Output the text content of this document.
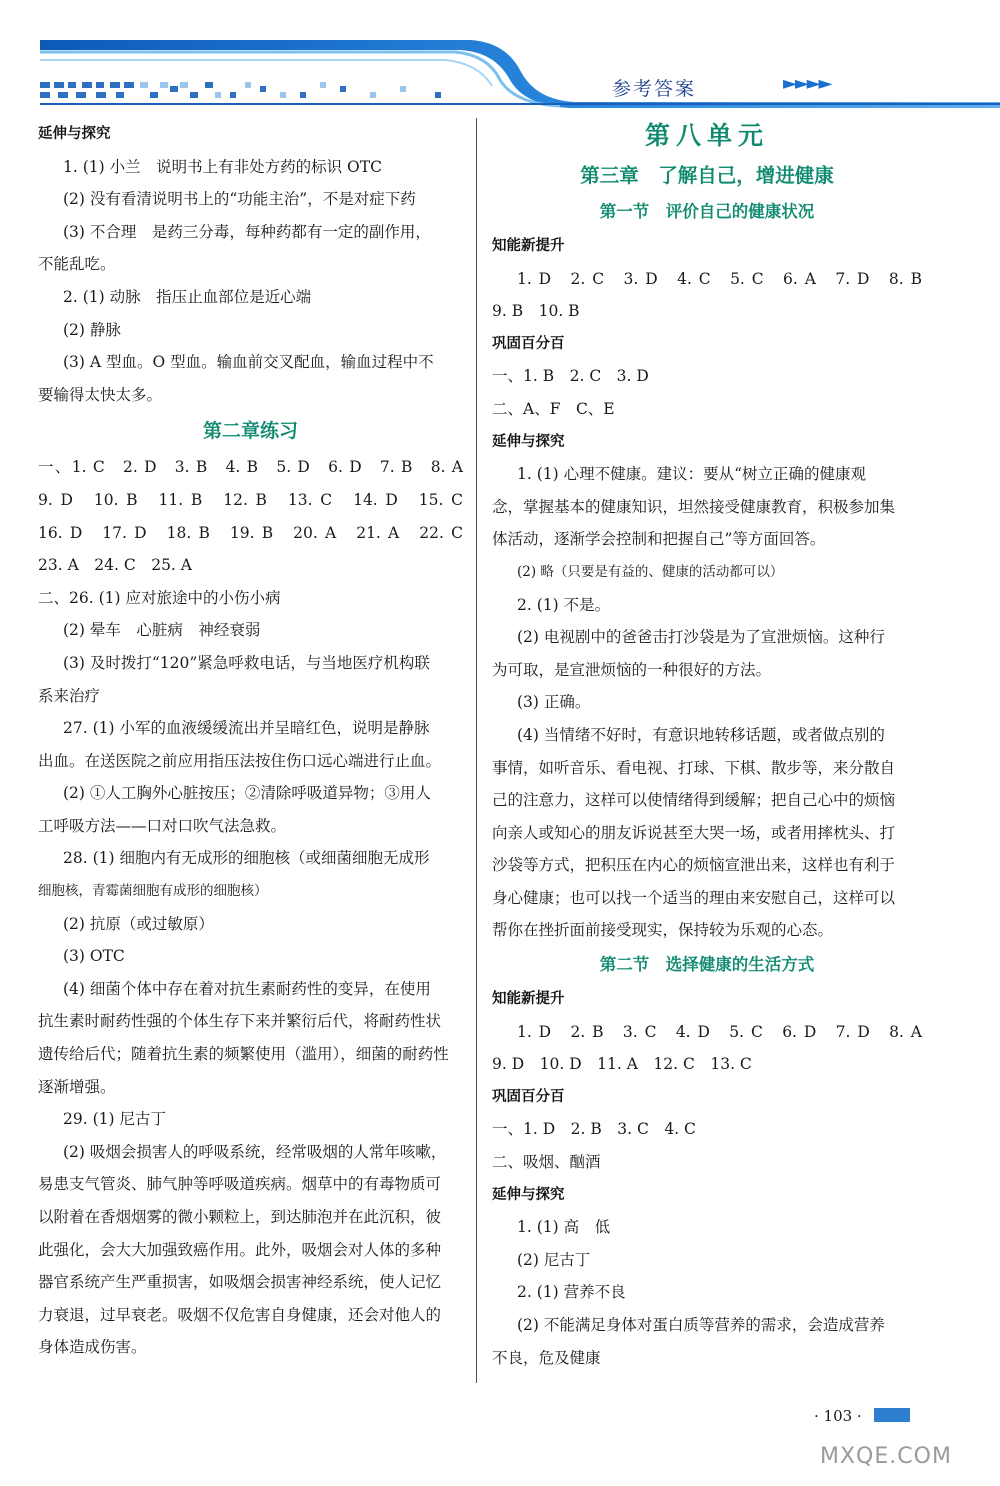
参考答案	►►►►
延伸与探究
1. (1) 小兰　说明书上有非处方药的标识 OTC
(2) 没有看清说明书上的“功能主治”，不是对症下药
(3) 不合理　是药三分毒，每种药都有一定的副作用，
不能乱吃。
2. (1) 动脉　指压止血部位是近心端
(2) 静脉
(3) A 型血。O 型血。输血前交叉配血，输血过程中不
要输得太快太多。
第二章练习
一、1. C　2. D　3. B　4. B　5. D　6. D　7. B　8. A
9. D　10. B　11. B　12. B　13. C　14. D　15. C
16. D　17. D　18. B　19. B　20. A　21. A　22. C
23. A　24. C　25. A
二、26. (1) 应对旅途中的小伤小病
(2) 晕车　心脏病　神经衰弱
(3) 及时拨打“120”紧急呼救电话，与当地医疗机构联
系来治疗
27. (1) 小军的血液缓缓流出并呈暗红色，说明是静脉
出血。在送医院之前应用指压法按住伤口远心端进行止血。
(2) ①人工胸外心脏按压；②清除呼吸道异物；③用人
工呼吸方法——口对口吹气法急救。
28. (1) 细胞内有无成形的细胞核（或细菌细胞无成形
细胞核，青霉菌细胞有成形的细胞核）
(2) 抗原（或过敏原）
(3) OTC
(4) 细菌个体中存在着对抗生素耐药性的变异，在使用
抗生素时耐药性强的个体生存下来并繁衍后代，将耐药性状
遗传给后代；随着抗生素的频繁使用（滥用），细菌的耐药性
逐渐增强。
29. (1) 尼古丁
(2) 吸烟会损害人的呼吸系统，经常吸烟的人常年咳嗽，
易患支气管炎、肺气肿等呼吸道疾病。烟草中的有毒物质可
以附着在香烟烟雾的微小颗粒上，到达肺泡并在此沉积，彼
此强化，会大大加强致癌作用。此外，吸烟会对人体的多种
器官系统产生严重损害，如吸烟会损害神经系统，使人记忆
力衰退，过早衰老。吸烟不仅危害自身健康，还会对他人的
身体造成伤害。
第八单元
第三章　了解自己，增进健康
第一节　评价自己的健康状况
知能新提升
1. D　2. C　3. D　4. C　5. C　6. A　7. D　8. B
9. B　10. B
巩固百分百
一、1. B　2. C　3. D
二、A、F　C、E
延伸与探究
1. (1) 心理不健康。建议：要从“树立正确的健康观
念，掌握基本的健康知识，坦然接受健康教育，积极参加集
体活动，逐渐学会控制和把握自己”等方面回答。
(2) 略（只要是有益的、健康的活动都可以）
2. (1) 不是。
(2) 电视剧中的爸爸击打沙袋是为了宣泄烦恼。这种行
为可取，是宣泄烦恼的一种很好的方法。
(3) 正确。
(4) 当情绪不好时，有意识地转移话题，或者做点别的
事情，如听音乐、看电视、打球、下棋、散步等，来分散自
己的注意力，这样可以使情绪得到缓解；把自己心中的烦恼
向亲人或知心的朋友诉说甚至大哭一场，或者用摔枕头、打
沙袋等方式，把积压在内心的烦恼宣泄出来，这样也有利于
身心健康；也可以找一个适当的理由来安慰自己，这样可以
帮你在挫折面前接受现实，保持较为乐观的心态。
第二节　选择健康的生活方式
知能新提升
1. D　2. B　3. C　4. D　5. C　6. D　7. D　8. A
9. D　10. D　11. A　12. C　13. C
巩固百分百
一、1. D　2. B　3. C　4. C
二、吸烟、酗酒
延伸与探究
1. (1) 高　低
(2) 尼古丁
2. (1) 营养不良
(2) 不能满足身体对蛋白质等营养的需求，会造成营养
不良，危及健康
· 103 ·
MXQE.COM
